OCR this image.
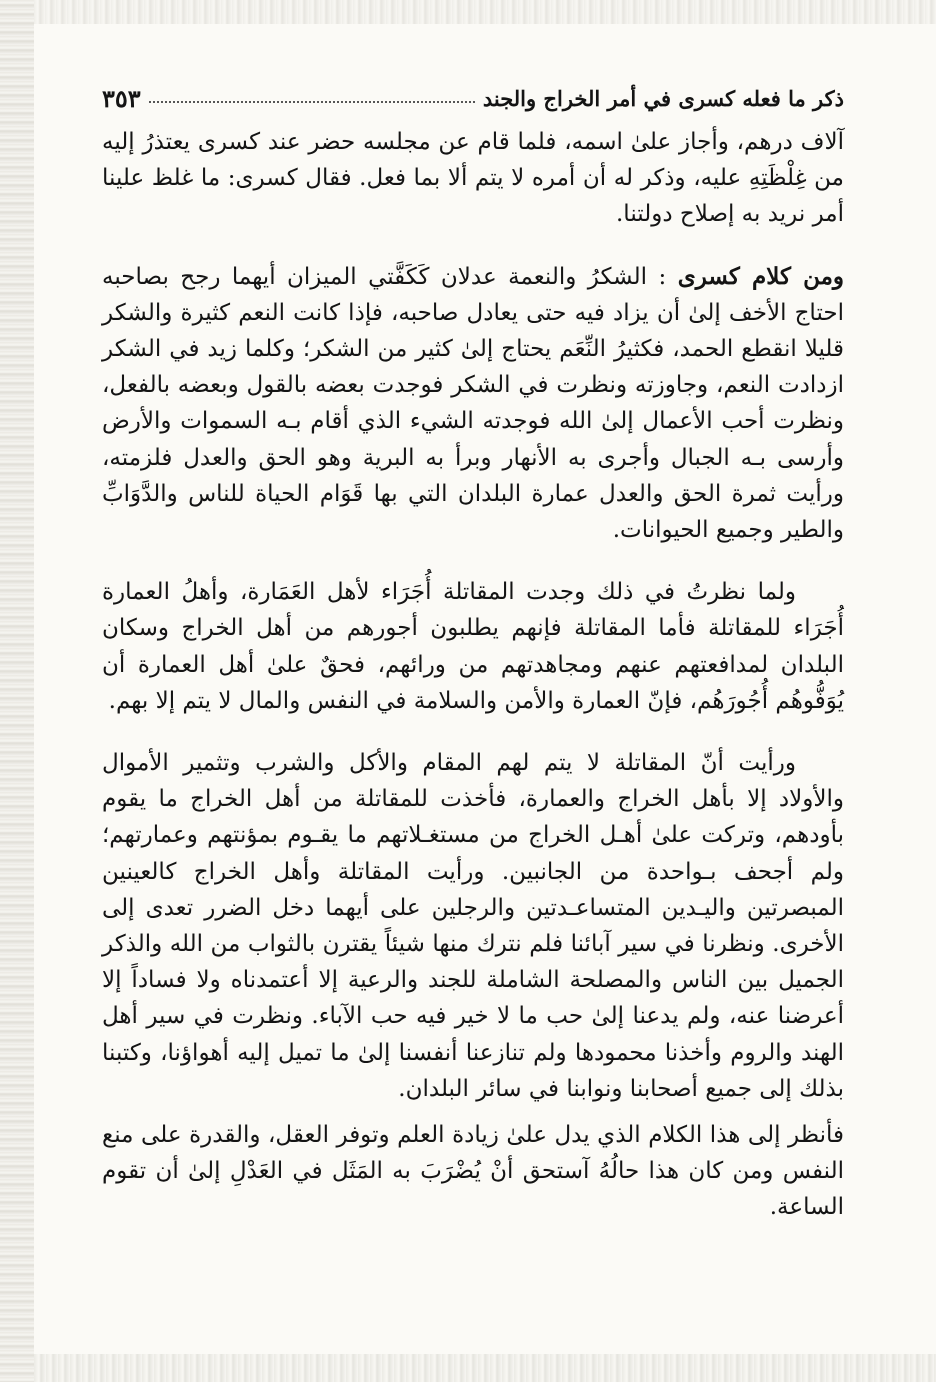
ذكر ما فعله كسرى في أمر الخراج والجند
٣٥٣

آلاف درهم، وأجاز علىٰ اسمه، فلما قام عن مجلسه حضر عند كسرى يعتذرُ إليه من غِلْظَتِهِ عليه، وذكر له أن أمره لا يتم ألا بما فعل. فقال كسرى: ما غلظ علينا أمر نريد به إصلاح دولتنا.

ومن كلام كسرى : الشكرُ والنعمة عدلان كَكَفَّتي الميزان أيهما رجح بصاحبه احتاج الأخف إلىٰ أن يزاد فيه حتى يعادل صاحبه، فإذا كانت النعم كثيرة والشكر قليلا انقطع الحمد، فكثيرُ النِّعَم يحتاج إلىٰ كثير من الشكر؛ وكلما زيد في الشكر ازدادت النعم، وجاوزته ونظرت في الشكر فوجدت بعضه بالقول وبعضه بالفعل، ونظرت أحب الأعمال إلىٰ الله فوجدته الشيء الذي أقام بـه السموات والأرض وأرسى بـه الجبال وأجرى به الأنهار وبرأ به البرية وهو الحق والعدل فلزمته، ورأيت ثمرة الحق والعدل عمارة البلدان التي بها قَوَام الحياة للناس والدَّوَابِّ والطير وجميع الحيوانات.

ولما نظرتُ في ذلك وجدت المقاتلة أُجَرَاء لأهل العَمَارة، وأهلُ العمارة أُجَرَاء للمقاتلة فأما المقاتلة فإنهم يطلبون أجورهم من أهل الخراج وسكان البلدان لمدافعتهم عنهم ومجاهدتهم من ورائهم، فحقٌ علىٰ أهل العمارة أن يُوَفُّوهُم أُجُورَهُم، فإنّ العمارة والأمن والسلامة في النفس والمال لا يتم إلا بهم.

ورأيت أنّ المقاتلة لا يتم لهم المقام والأكل والشرب وتثمير الأموال والأولاد إلا بأهل الخراج والعمارة، فأخذت للمقاتلة من أهل الخراج ما يقوم بأودهم، وتركت علىٰ أهـل الخراج من مستغـلاتهم ما يقـوم بمؤنتهم وعمارتهم؛ ولم أجحف بـواحدة من الجانبين. ورأيت المقاتلة وأهل الخراج كالعينين المبصرتين واليـدين المتساعـدتين والرجلين على أيهما دخل الضرر تعدى إلى الأخرى. ونظرنا في سير آبائنا فلم نترك منها شيئاً يقترن بالثواب من الله والذكر الجميل بين الناس والمصلحة الشاملة للجند والرعية إلا أعتمدناه ولا فساداً إلا أعرضنا عنه، ولم يدعنا إلىٰ حب ما لا خير فيه حب الآباء. ونظرت في سير أهل الهند والروم وأخذنا محمودها ولم تنازعنا أنفسنا إلىٰ ما تميل إليه أهواؤنا، وكتبنا بذلك إلى جميع أصحابنا ونوابنا في سائر البلدان.

فأنظر إلى هذا الكلام الذي يدل علىٰ زيادة العلم وتوفر العقل، والقدرة على منع النفس ومن كان هذا حالُهُ آستحق أنْ يُضْرَبَ به المَثَل في العَدْلِ إلىٰ أن تقوم الساعة.
